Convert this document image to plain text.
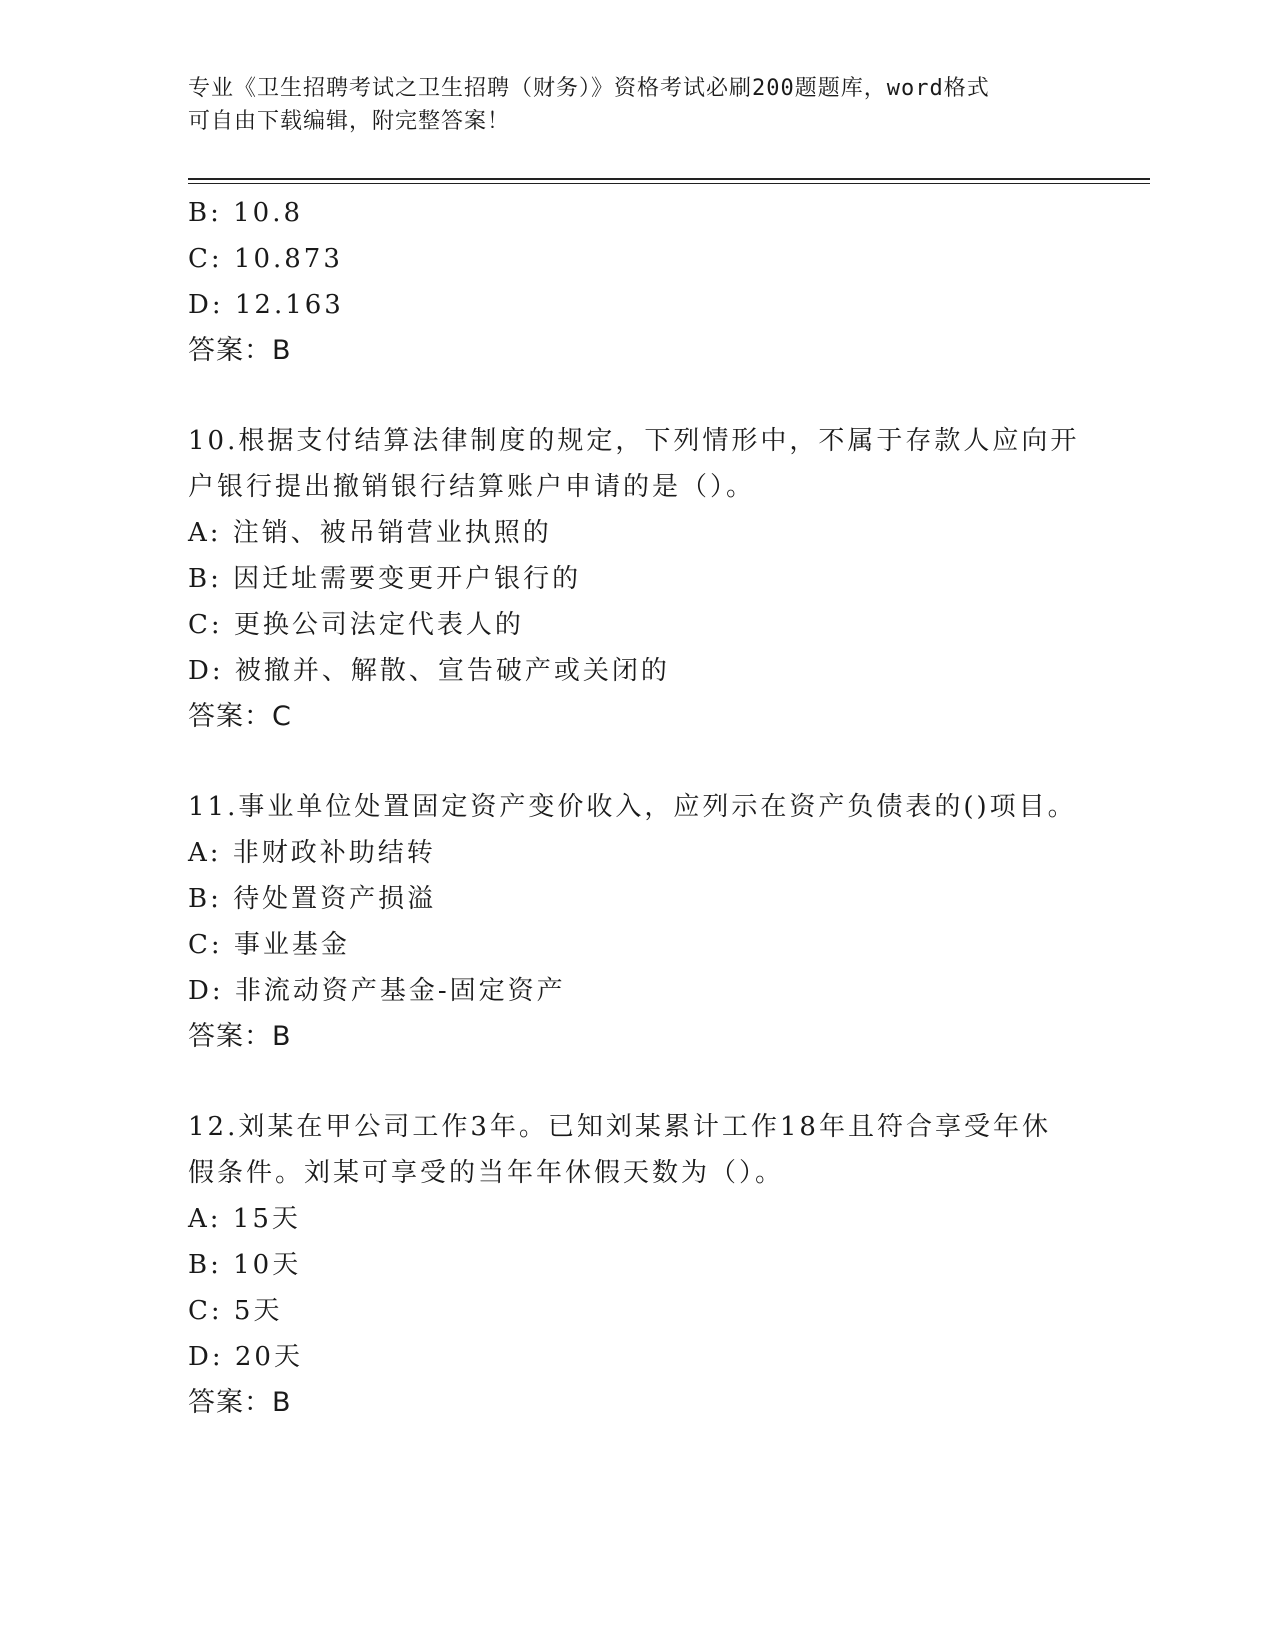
专业《卫生招聘考试之卫生招聘（财务）》资格考试必刷200题题库，word格式
可自由下载编辑，附完整答案！
B: 10.8
C: 10.873
D: 12.163
答案：B
10.根据支付结算法律制度的规定，下列情形中，不属于存款人应向开
户银行提出撤销银行结算账户申请的是（）。
A: 注销、被吊销营业执照的
B: 因迁址需要变更开户银行的
C: 更换公司法定代表人的
D: 被撤并、解散、宣告破产或关闭的
答案：C
11.事业单位处置固定资产变价收入，应列示在资产负债表的()项目。
A: 非财政补助结转
B: 待处置资产损溢
C: 事业基金
D: 非流动资产基金-固定资产
答案：B
12.刘某在甲公司工作3年。已知刘某累计工作18年且符合享受年休
假条件。刘某可享受的当年年休假天数为（）。
A: 15天
B: 10天
C: 5天
D: 20天
答案：B
